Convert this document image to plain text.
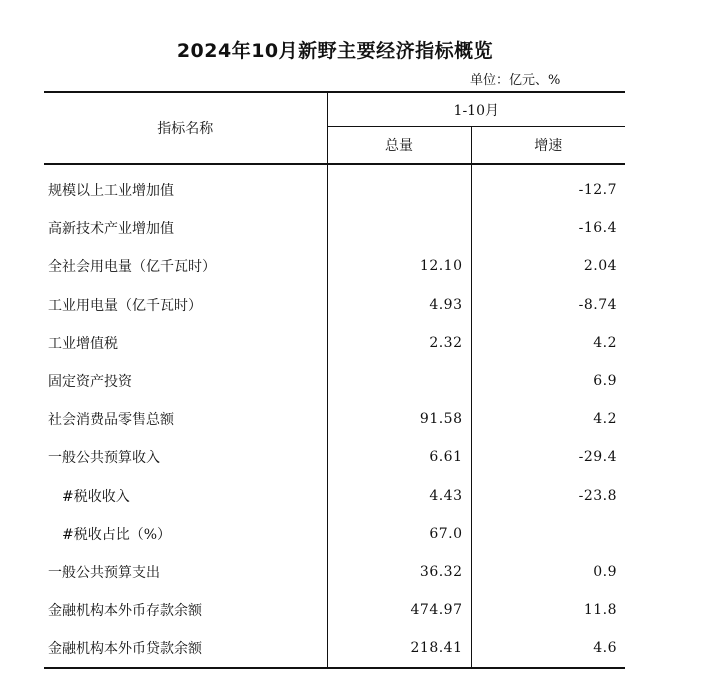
2024年10月新野主要经济指标概览
单位：亿元、%
指标名称	1-10月	
	总量	增速
规模以上工业增加值		-12.7
高新技术产业增加值		-16.4
全社会用电量（亿千瓦时）	12.10	2.04
工业用电量（亿千瓦时）	4.93	-8.74
工业增值税	2.32	4.2
固定资产投资		6.9
社会消费品零售总额	91.58	4.2
一般公共预算收入	6.61	-29.4
#税收收入	4.43	-23.8
#税收占比（%）	67.0	
一般公共预算支出	36.32	0.9
金融机构本外币存款余额	474.97	11.8
金融机构本外币贷款余额	218.41	4.6
